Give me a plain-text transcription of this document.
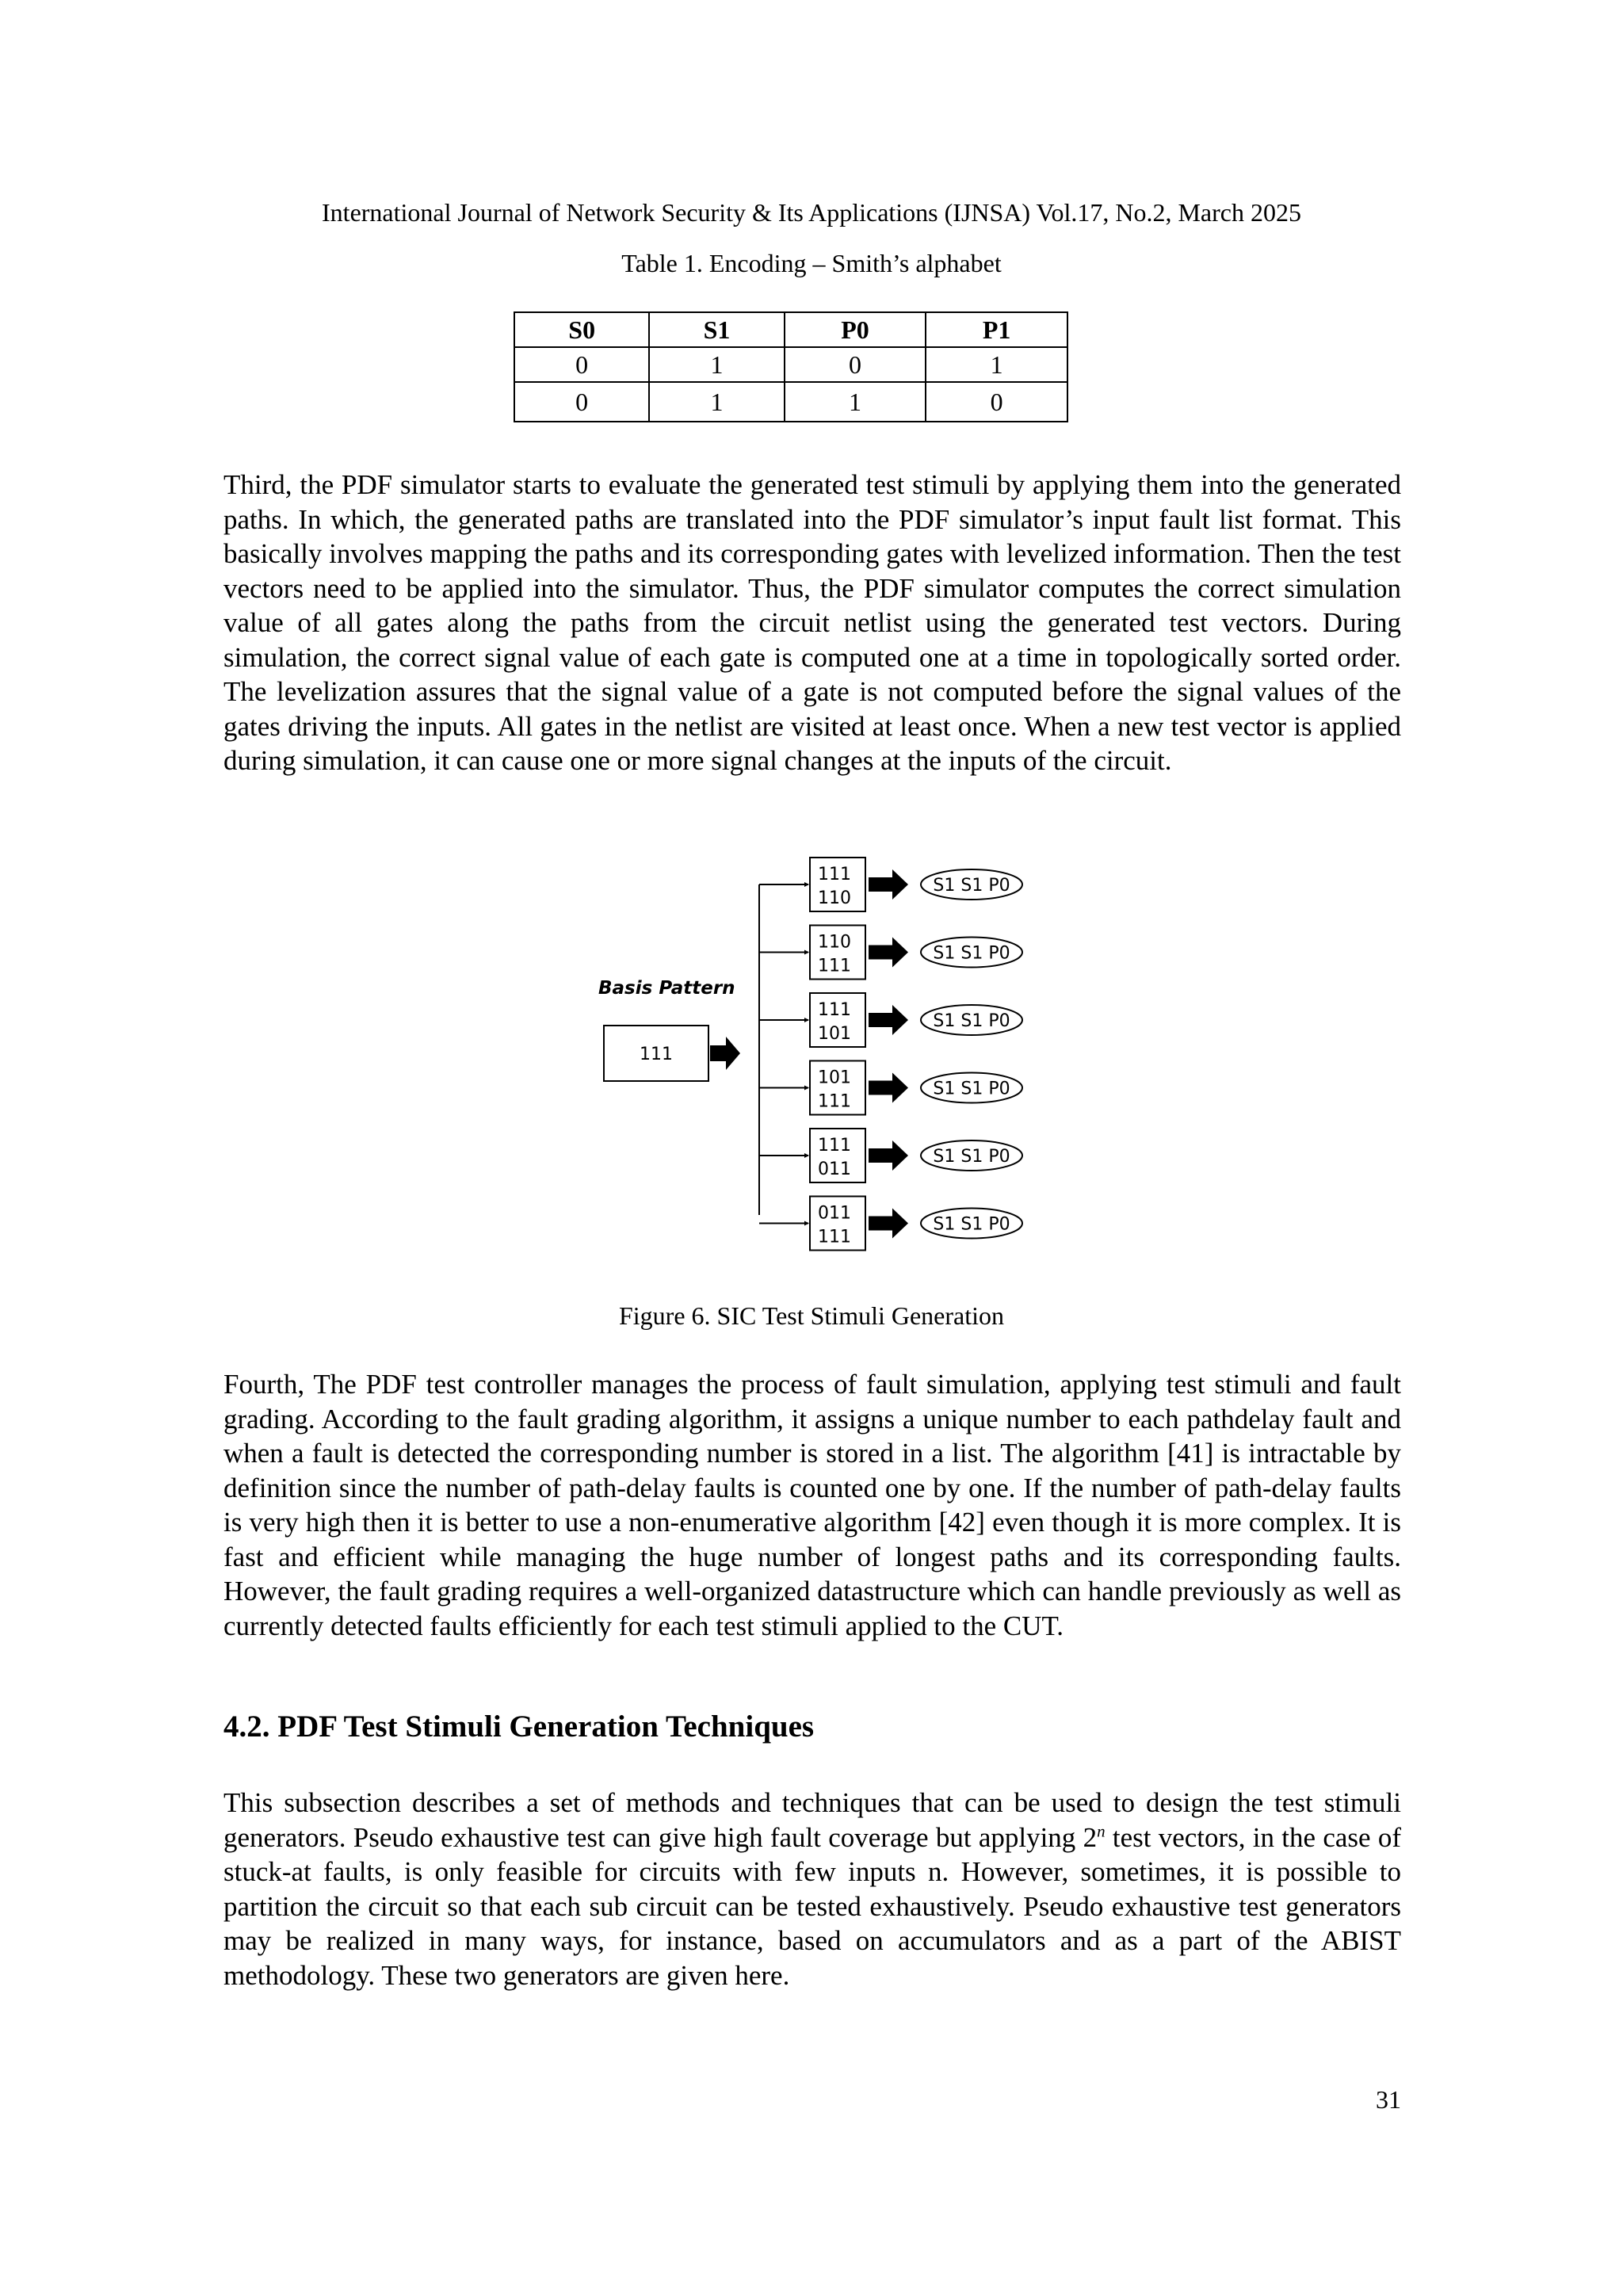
International Journal of Network Security & Its Applications (IJNSA) Vol.17, No.2, March 2025
Table 1. Encoding – Smith’s alphabet
S0	S1	P0	P1
0	1	0	1
0	1	1	0

Third, the PDF simulator starts to evaluate the generated test stimuli by applying them into the generated paths. In which, the generated paths are translated into the PDF simulator’s input fault list format. This basically involves mapping the paths and its corresponding gates with levelized information. Then the test vectors need to be applied into the simulator. Thus, the PDF simulator computes the correct simulation value of all gates along the paths from the circuit netlist using the generated test vectors. During simulation, the correct signal value of each gate is computed one at a time in topologically sorted order. The levelization assures that the signal value of a gate is not computed before the signal values of the gates driving the inputs. All gates in the netlist are visited at least once. When a new test vector is applied during simulation, it can cause one or more signal changes at the inputs of the circuit.

Basis Pattern
111
111
110
S1 S1 P0
110
111
S1 S1 P0
111
101
S1 S1 P0
101
111
S1 S1 P0
111
011
S1 S1 P0
011
111
S1 S1 P0
Figure 6. SIC Test Stimuli Generation

Fourth, The PDF test controller manages the process of fault simulation, applying test stimuli and fault grading. According to the fault grading algorithm, it assigns a unique number to each pathdelay fault and when a fault is detected the corresponding number is stored in a list. The algorithm [41] is intractable by definition since the number of path-delay faults is counted one by one. If the number of path-delay faults is very high then it is better to use a non-enumerative algorithm [42] even though it is more complex. It is fast and efficient while managing the huge number of longest paths and its corresponding faults. However, the fault grading requires a well-organized datastructure which can handle previously as well as currently detected faults efficiently for each test stimuli applied to the CUT.

4.2. PDF Test Stimuli Generation Techniques

This subsection describes a set of methods and techniques that can be used to design the test stimuli generators. Pseudo exhaustive test can give high fault coverage but applying 2$^n$ test vectors, in the case of stuck-at faults, is only feasible for circuits with few inputs n. However, sometimes, it is possible to partition the circuit so that each sub circuit can be tested exhaustively. Pseudo exhaustive test generators may be realized in many ways, for instance, based on accumulators and as a part of the ABIST methodology. These two generators are given here.

31
